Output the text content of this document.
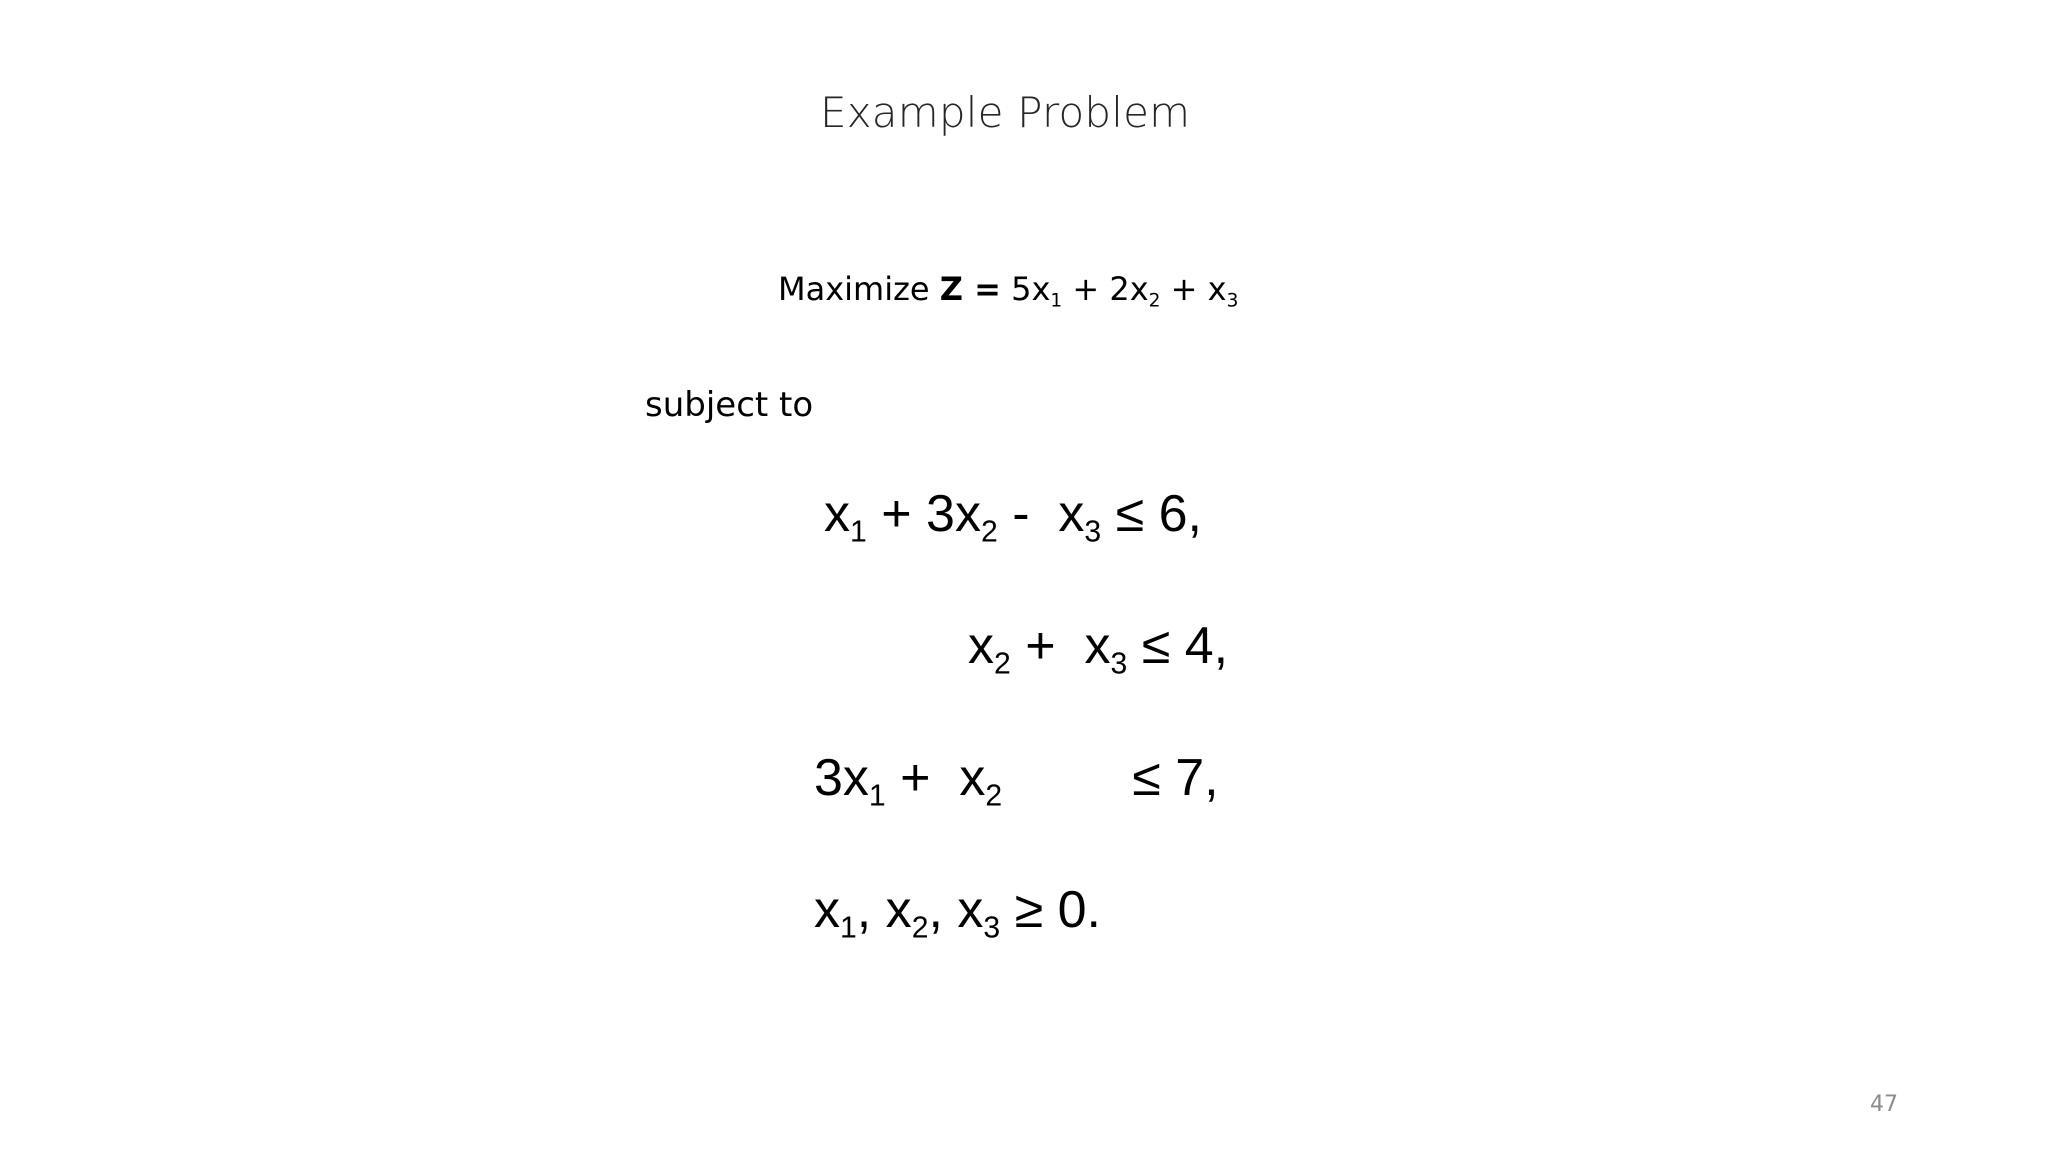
Example Problem
Maximize $Z = 5x_1 + 2x_2 + x_3$
subject to
$x_1 + 3x_2 - x_3 \le 6$,
$x_2 + x_3 \le 4$,
$3x_1 + x_2$         ≤ 7,
$x_1$, $x_2$, $x_3 \ge 0$.
47
